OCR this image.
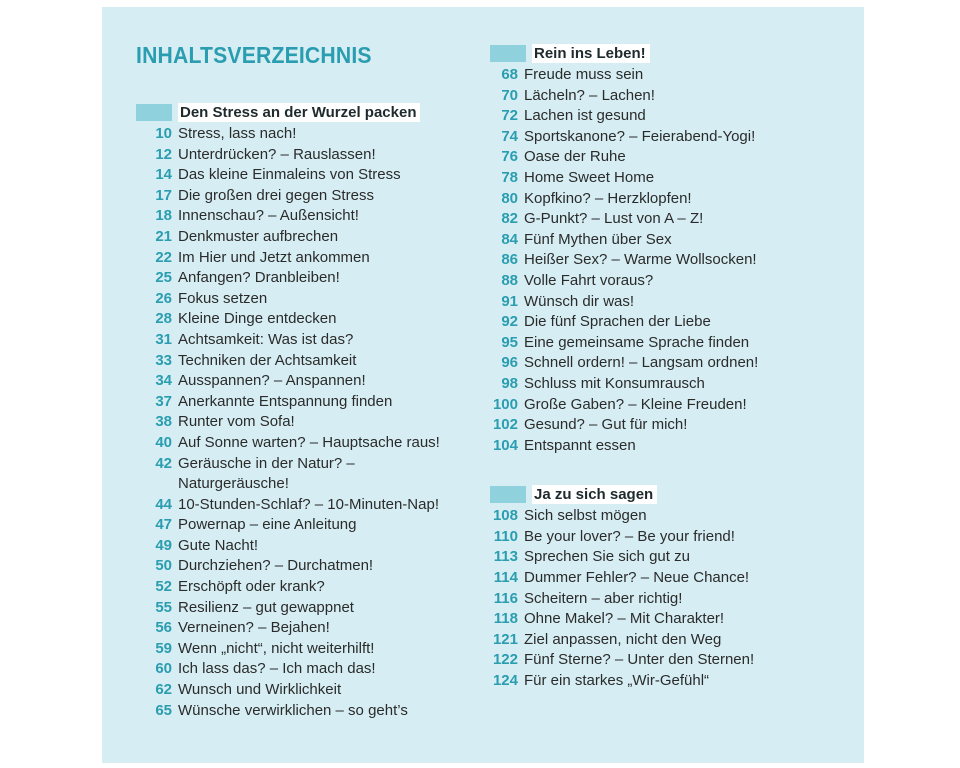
INHALTSVERZEICHNIS
Den Stress an der Wurzel packen
10 Stress, lass nach!
12 Unterdrücken? – Rauslassen!
14 Das kleine Einmaleins von Stress
17 Die großen drei gegen Stress
18 Innenschau? – Außensicht!
21 Denkmuster aufbrechen
22 Im Hier und Jetzt ankommen
25 Anfangen? Dranbleiben!
26 Fokus setzen
28 Kleine Dinge entdecken
31 Achtsamkeit: Was ist das?
33 Techniken der Achtsamkeit
34 Ausspannen? – Anspannen!
37 Anerkannte Entspannung finden
38 Runter vom Sofa!
40 Auf Sonne warten? – Hauptsache raus!
42 Geräusche in der Natur? –
Naturgeräusche!
44 10-Stunden-Schlaf? – 10-Minuten-Nap!
47 Powernap – eine Anleitung
49 Gute Nacht!
50 Durchziehen? – Durchatmen!
52 Erschöpft oder krank?
55 Resilienz – gut gewappnet
56 Verneinen? – Bejahen!
59 Wenn „nicht“, nicht weiterhilft!
60 Ich lass das? – Ich mach das!
62 Wunsch und Wirklichkeit
65 Wünsche verwirklichen – so geht’s
Rein ins Leben!
68 Freude muss sein
70 Lächeln? – Lachen!
72 Lachen ist gesund
74 Sportskanone? – Feierabend-Yogi!
76 Oase der Ruhe
78 Home Sweet Home
80 Kopfkino? – Herzklopfen!
82 G-Punkt? – Lust von A – Z!
84 Fünf Mythen über Sex
86 Heißer Sex? – Warme Wollsocken!
88 Volle Fahrt voraus?
91 Wünsch dir was!
92 Die fünf Sprachen der Liebe
95 Eine gemeinsame Sprache finden
96 Schnell ordern! – Langsam ordnen!
98 Schluss mit Konsumrausch
100 Große Gaben? – Kleine Freuden!
102 Gesund? – Gut für mich!
104 Entspannt essen
Ja zu sich sagen
108 Sich selbst mögen
110 Be your lover? – Be your friend!
113 Sprechen Sie sich gut zu
114 Dummer Fehler? – Neue Chance!
116 Scheitern – aber richtig!
118 Ohne Makel? – Mit Charakter!
121 Ziel anpassen, nicht den Weg
122 Fünf Sterne? – Unter den Sternen!
124 Für ein starkes „Wir-Gefühl“
